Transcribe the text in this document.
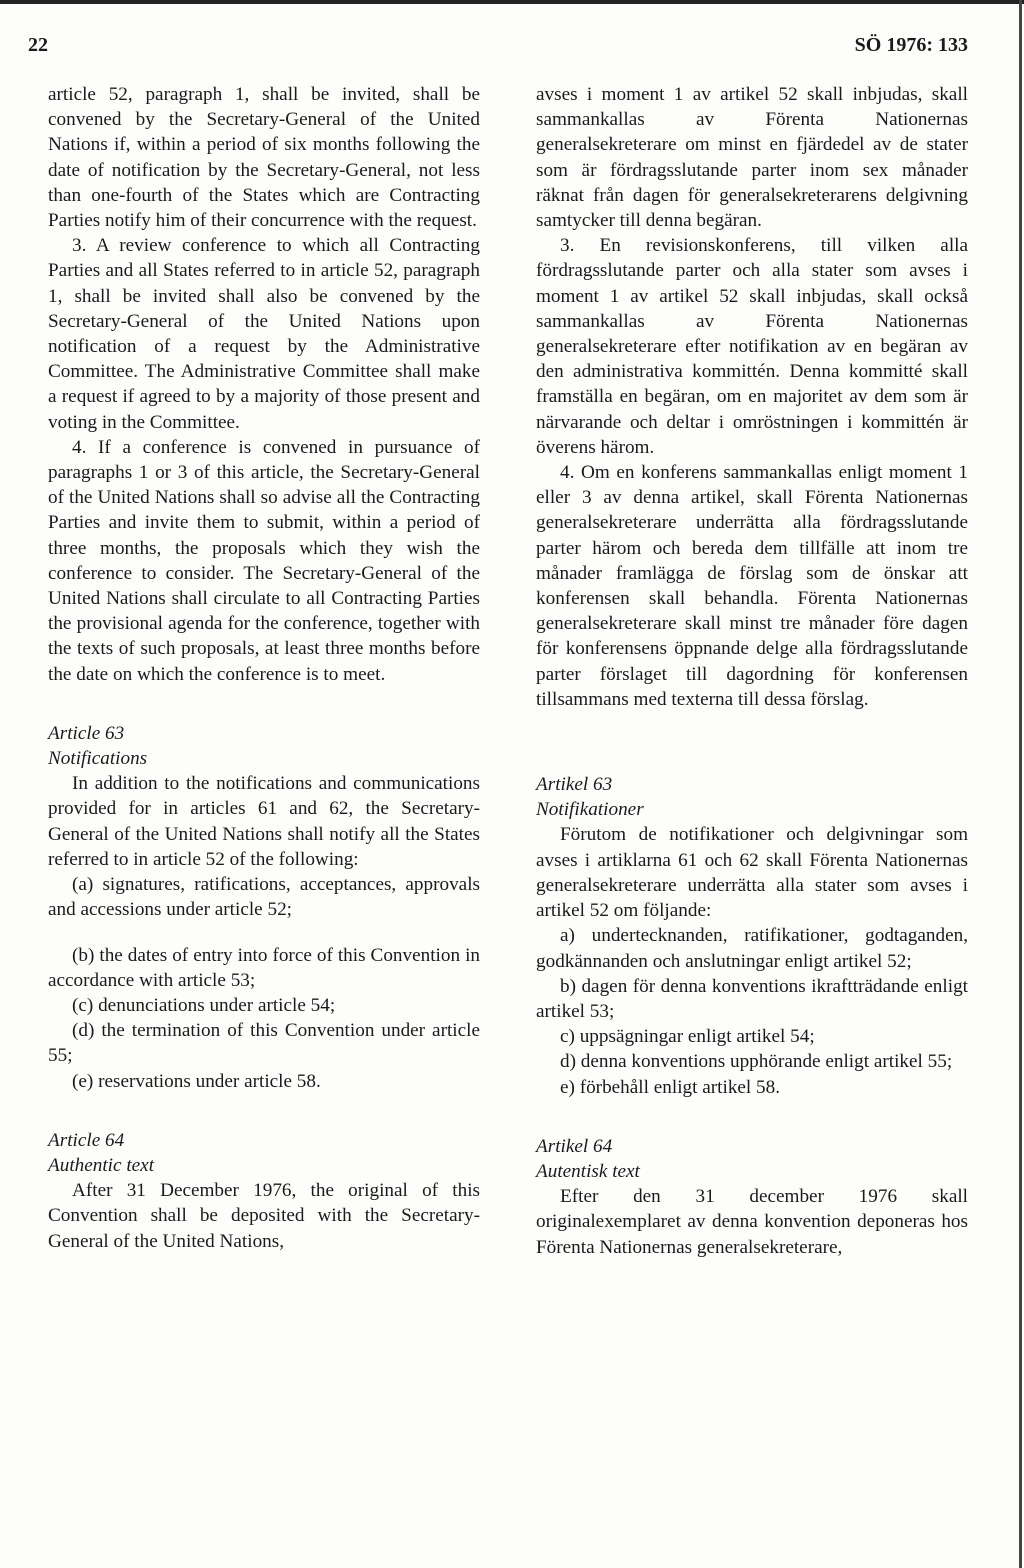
22	SÖ 1976: 133

article 52, paragraph 1, shall be invited, shall be convened by the Secretary-General of the United Nations if, within a period of six months following the date of notification by the Secretary-General, not less than one-fourth of the States which are Contracting Parties notify him of their concurrence with the request.

3. A review conference to which all Contracting Parties and all States referred to in article 52, paragraph 1, shall be invited shall also be convened by the Secretary-General of the United Nations upon notification of a request by the Administrative Committee. The Administrative Committee shall make a request if agreed to by a majority of those present and voting in the Committee.

4. If a conference is convened in pursuance of paragraphs 1 or 3 of this article, the Secretary-General of the United Nations shall so advise all the Contracting Parties and invite them to submit, within a period of three months, the proposals which they wish the conference to consider. The Secretary-General of the United Nations shall circulate to all Contracting Parties the provisional agenda for the conference, together with the texts of such proposals, at least three months before the date on which the conference is to meet.

Article 63

Notifications

In addition to the notifications and communications provided for in articles 61 and 62, the Secretary-General of the United Nations shall notify all the States referred to in article 52 of the following:

(a) signatures, ratifications, acceptances, approvals and accessions under article 52;

(b) the dates of entry into force of this Convention in accordance with article 53;

(c) denunciations under article 54;

(d) the termination of this Convention under article 55;

(e) reservations under article 58.

Article 64

Authentic text

After 31 December 1976, the original of this Convention shall be deposited with the Secretary-General of the United Nations,

avses i moment 1 av artikel 52 skall inbjudas, skall sammankallas av Förenta Nationernas generalsekreterare om minst en fjärdedel av de stater som är fördragsslutande parter inom sex månader räknat från dagen för generalsekreterarens delgivning samtycker till denna begäran.

3. En revisionskonferens, till vilken alla fördragsslutande parter och alla stater som avses i moment 1 av artikel 52 skall inbjudas, skall också sammankallas av Förenta Nationernas generalsekreterare efter notifikation av en begäran av den administrativa kommittén. Denna kommitté skall framställa en begäran, om en majoritet av dem som är närvarande och deltar i omröstningen i kommittén är överens härom.

4. Om en konferens sammankallas enligt moment 1 eller 3 av denna artikel, skall Förenta Nationernas generalsekreterare underrätta alla fördragsslutande parter härom och bereda dem tillfälle att inom tre månader framlägga de förslag som de önskar att konferensen skall behandla. Förenta Nationernas generalsekreterare skall minst tre månader före dagen för konferensens öppnande delge alla fördragsslutande parter förslaget till dagordning för konferensen tillsammans med texterna till dessa förslag.

Artikel 63

Notifikationer

Förutom de notifikationer och delgivningar som avses i artiklarna 61 och 62 skall Förenta Nationernas generalsekreterare underrätta alla stater som avses i artikel 52 om följande:

a) undertecknanden, ratifikationer, godtaganden, godkännanden och anslutningar enligt artikel 52;

b) dagen för denna konventions ikraftträdande enligt artikel 53;

c) uppsägningar enligt artikel 54;

d) denna konventions upphörande enligt artikel 55;

e) förbehåll enligt artikel 58.

Artikel 64

Autentisk text

Efter den 31 december 1976 skall originalexemplaret av denna konvention deponeras hos Förenta Nationernas generalsekreterare,
